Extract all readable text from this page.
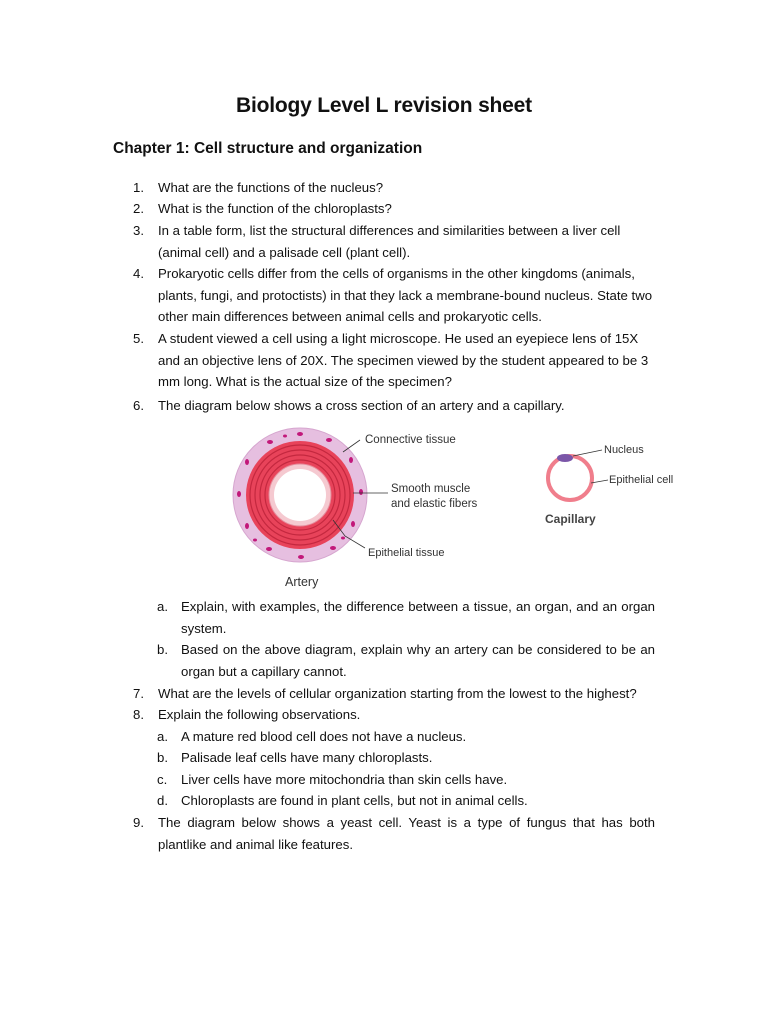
Biology Level L revision sheet
Chapter 1: Cell structure and organization
1. What are the functions of the nucleus?
2. What is the function of the chloroplasts?
3. In a table form, list the structural differences and similarities between a liver cell (animal cell) and a palisade cell (plant cell).
4. Prokaryotic cells differ from the cells of organisms in the other kingdoms (animals, plants, fungi, and protoctists) in that they lack a membrane-bound nucleus. State two other main differences between animal cells and prokaryotic cells.
5. A student viewed a cell using a light microscope. He used an eyepiece lens of 15X and an objective lens of 20X. The specimen viewed by the student appeared to be 3 mm long. What is the actual size of the specimen?
6. The diagram below shows a cross section of an artery and a capillary.
Connective tissue
Smooth muscle
and elastic fibers
Epithelial tissue
Artery
Nucleus
Epithelial cell
Capillary
a. Explain, with examples, the difference between a tissue, an organ, and an organ system.
b. Based on the above diagram, explain why an artery can be considered to be an organ but a capillary cannot.
7. What are the levels of cellular organization starting from the lowest to the highest?
8. Explain the following observations.
a. A mature red blood cell does not have a nucleus.
b. Palisade leaf cells have many chloroplasts.
c. Liver cells have more mitochondria than skin cells have.
d. Chloroplasts are found in plant cells, but not in animal cells.
9. The diagram below shows a yeast cell. Yeast is a type of fungus that has both plantlike and animal like features.
